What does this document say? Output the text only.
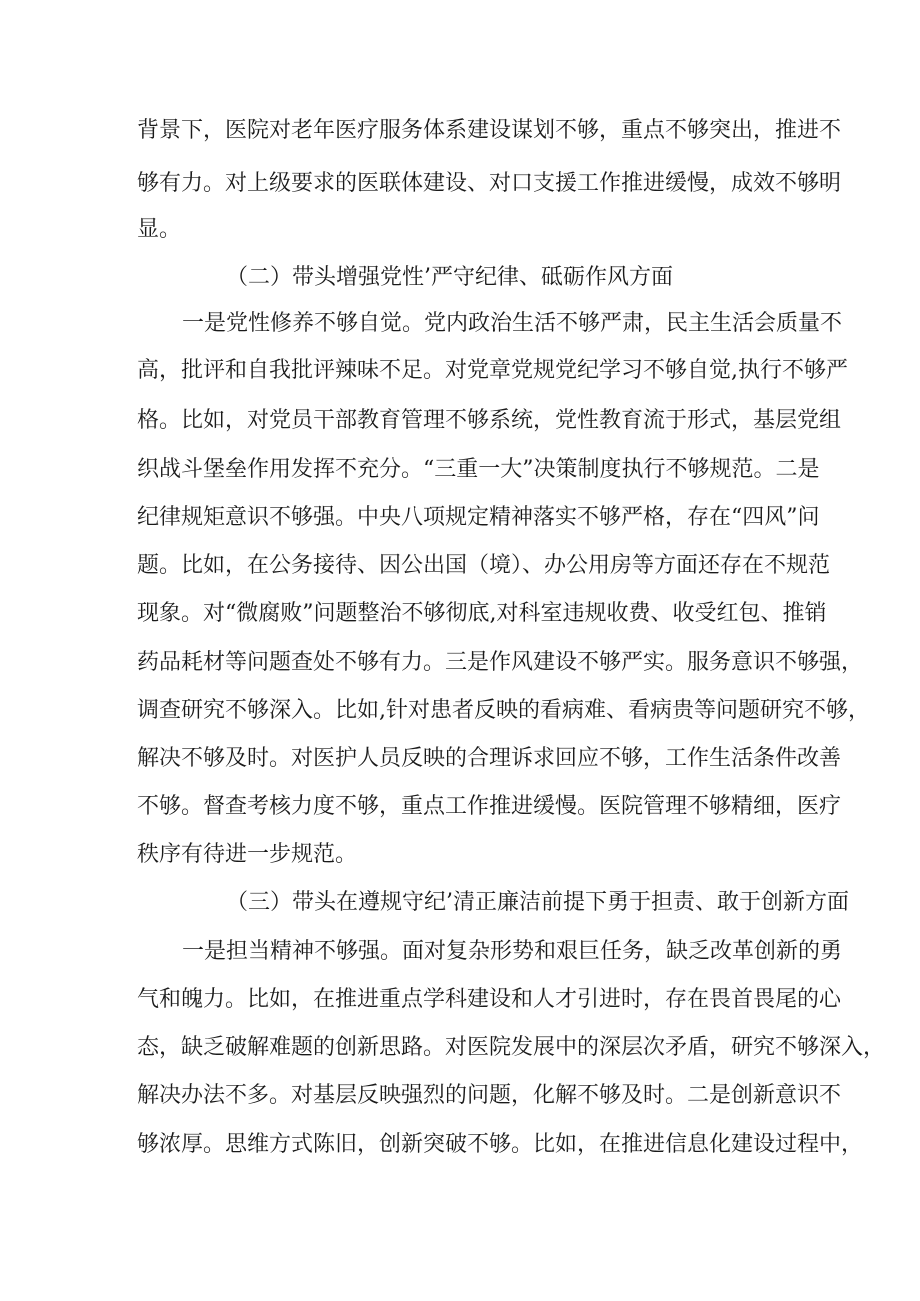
背景下，医院对老年医疗服务体系建设谋划不够，重点不够突出，推进不
够有力。对上级要求的医联体建设、对口支援工作推进缓慢，成效不够明
显。
（二）带头增强党性’严守纪律、砥砺作风方面
一是党性修养不够自觉。党内政治生活不够严肃，民主生活会质量不
高，批评和自我批评辣味不足。对党章党规党纪学习不够自觉,执行不够严
格。比如，对党员干部教育管理不够系统，党性教育流于形式，基层党组
织战斗堡垒作用发挥不充分。“三重一大”决策制度执行不够规范。二是
纪律规矩意识不够强。中央八项规定精神落实不够严格，存在“四风”问
题。比如，在公务接待、因公出国（境）、办公用房等方面还存在不规范
现象。对“微腐败”问题整治不够彻底,对科室违规收费、收受红包、推销
药品耗材等问题查处不够有力。三是作风建设不够严实。服务意识不够强，
调查研究不够深入。比如,针对患者反映的看病难、看病贵等问题研究不够，
解决不够及时。对医护人员反映的合理诉求回应不够，工作生活条件改善
不够。督查考核力度不够，重点工作推进缓慢。医院管理不够精细，医疗
秩序有待进一步规范。
（三）带头在遵规守纪’清正廉洁前提下勇于担责、敢于创新方面
一是担当精神不够强。面对复杂形势和艰巨任务，缺乏改革创新的勇
气和魄力。比如，在推进重点学科建设和人才引进时，存在畏首畏尾的心
态，缺乏破解难题的创新思路。对医院发展中的深层次矛盾，研究不够深入，
解决办法不多。对基层反映强烈的问题，化解不够及时。二是创新意识不
够浓厚。思维方式陈旧，创新突破不够。比如，在推进信息化建设过程中，
